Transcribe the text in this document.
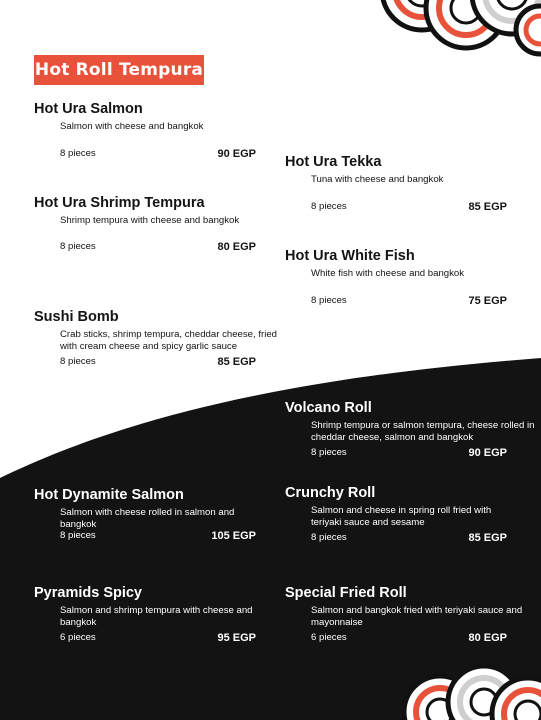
Hot Roll Tempura
Hot Ura Salmon
Salmon with cheese and bangkok
8 pieces	90 EGP
Hot Ura Shrimp Tempura
Shrimp tempura with cheese and bangkok
8 pieces	80 EGP
Sushi Bomb
Crab sticks, shrimp tempura, cheddar cheese, fried with cream cheese and spicy garlic sauce
8 pieces	85 EGP
Hot Ura Tekka
Tuna with cheese and bangkok
8 pieces	85 EGP
Hot Ura White Fish
White fish with cheese and bangkok
8 pieces	75 EGP
Volcano Roll
Shrimp tempura or salmon tempura, cheese rolled in cheddar cheese, salmon and bangkok
8 pieces	90 EGP
Hot Dynamite Salmon
Salmon with cheese rolled in salmon and bangkok
8 pieces	105 EGP
Crunchy Roll
Salmon and cheese in spring roll fried with teriyaki sauce and sesame
8 pieces	85 EGP
Pyramids Spicy
Salmon and shrimp tempura with cheese and bangkok
6 pieces	95 EGP
Special Fried Roll
Salmon and bangkok fried with teriyaki sauce and mayonnaise
6 pieces	80 EGP
